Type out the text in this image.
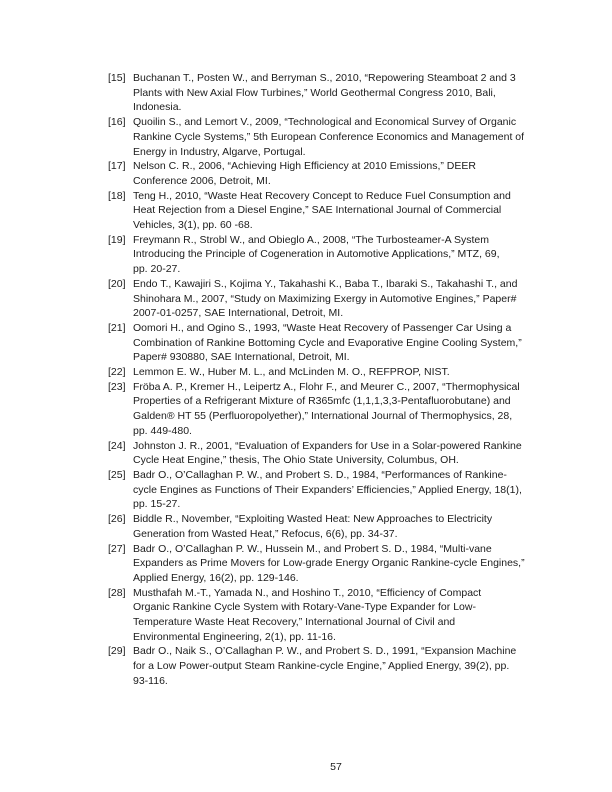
[15] Buchanan T., Posten W., and Berryman S., 2010, “Repowering Steamboat 2 and 3
Plants with New Axial Flow Turbines,” World Geothermal Congress 2010, Bali,
Indonesia.
[16] Quoilin S., and Lemort V., 2009, “Technological and Economical Survey of Organic
Rankine Cycle Systems,” 5th European Conference Economics and Management of
Energy in Industry, Algarve, Portugal.
[17] Nelson C. R., 2006, “Achieving High Efficiency at 2010 Emissions,” DEER
Conference 2006, Detroit, MI.
[18] Teng H., 2010, “Waste Heat Recovery Concept to Reduce Fuel Consumption and
Heat Rejection from a Diesel Engine,” SAE International Journal of Commercial
Vehicles, 3(1), pp. 60 -68.
[19] Freymann R., Strobl W., and Obieglo A., 2008, “The Turbosteamer-A System
Introducing the Principle of Cogeneration in Automotive Applications,” MTZ, 69,
pp. 20-27.
[20] Endo T., Kawajiri S., Kojima Y., Takahashi K., Baba T., Ibaraki S., Takahashi T., and
Shinohara M., 2007, “Study on Maximizing Exergy in Automotive Engines,” Paper#
2007-01-0257, SAE International, Detroit, MI.
[21] Oomori H., and Ogino S., 1993, “Waste Heat Recovery of Passenger Car Using a
Combination of Rankine Bottoming Cycle and Evaporative Engine Cooling System,”
Paper# 930880, SAE International, Detroit, MI.
[22] Lemmon E. W., Huber M. L., and McLinden M. O., REFPROP, NIST.
[23] Fröba A. P., Kremer H., Leipertz A., Flohr F., and Meurer C., 2007, “Thermophysical
Properties of a Refrigerant Mixture of R365mfc (1,1,1,3,3-Pentafluorobutane) and
Galden® HT 55 (Perfluoropolyether),” International Journal of Thermophysics, 28,
pp. 449-480.
[24] Johnston J. R., 2001, “Evaluation of Expanders for Use in a Solar-powered Rankine
Cycle Heat Engine,” thesis, The Ohio State University, Columbus, OH.
[25] Badr O., O’Callaghan P. W., and Probert S. D., 1984, “Performances of Rankine-
cycle Engines as Functions of Their Expanders’ Efficiencies,” Applied Energy, 18(1),
pp. 15-27.
[26] Biddle R., November, “Exploiting Wasted Heat: New Approaches to Electricity
Generation from Wasted Heat,” Refocus, 6(6), pp. 34-37.
[27] Badr O., O’Callaghan P. W., Hussein M., and Probert S. D., 1984, “Multi-vane
Expanders as Prime Movers for Low-grade Energy Organic Rankine-cycle Engines,”
Applied Energy, 16(2), pp. 129-146.
[28] Musthafah M.-T., Yamada N., and Hoshino T., 2010, “Efficiency of Compact
Organic Rankine Cycle System with Rotary-Vane-Type Expander for Low-
Temperature Waste Heat Recovery,” International Journal of Civil and
Environmental Engineering, 2(1), pp. 11-16.
[29] Badr O., Naik S., O’Callaghan P. W., and Probert S. D., 1991, “Expansion Machine
for a Low Power-output Steam Rankine-cycle Engine,” Applied Energy, 39(2), pp.
93-116.
57
